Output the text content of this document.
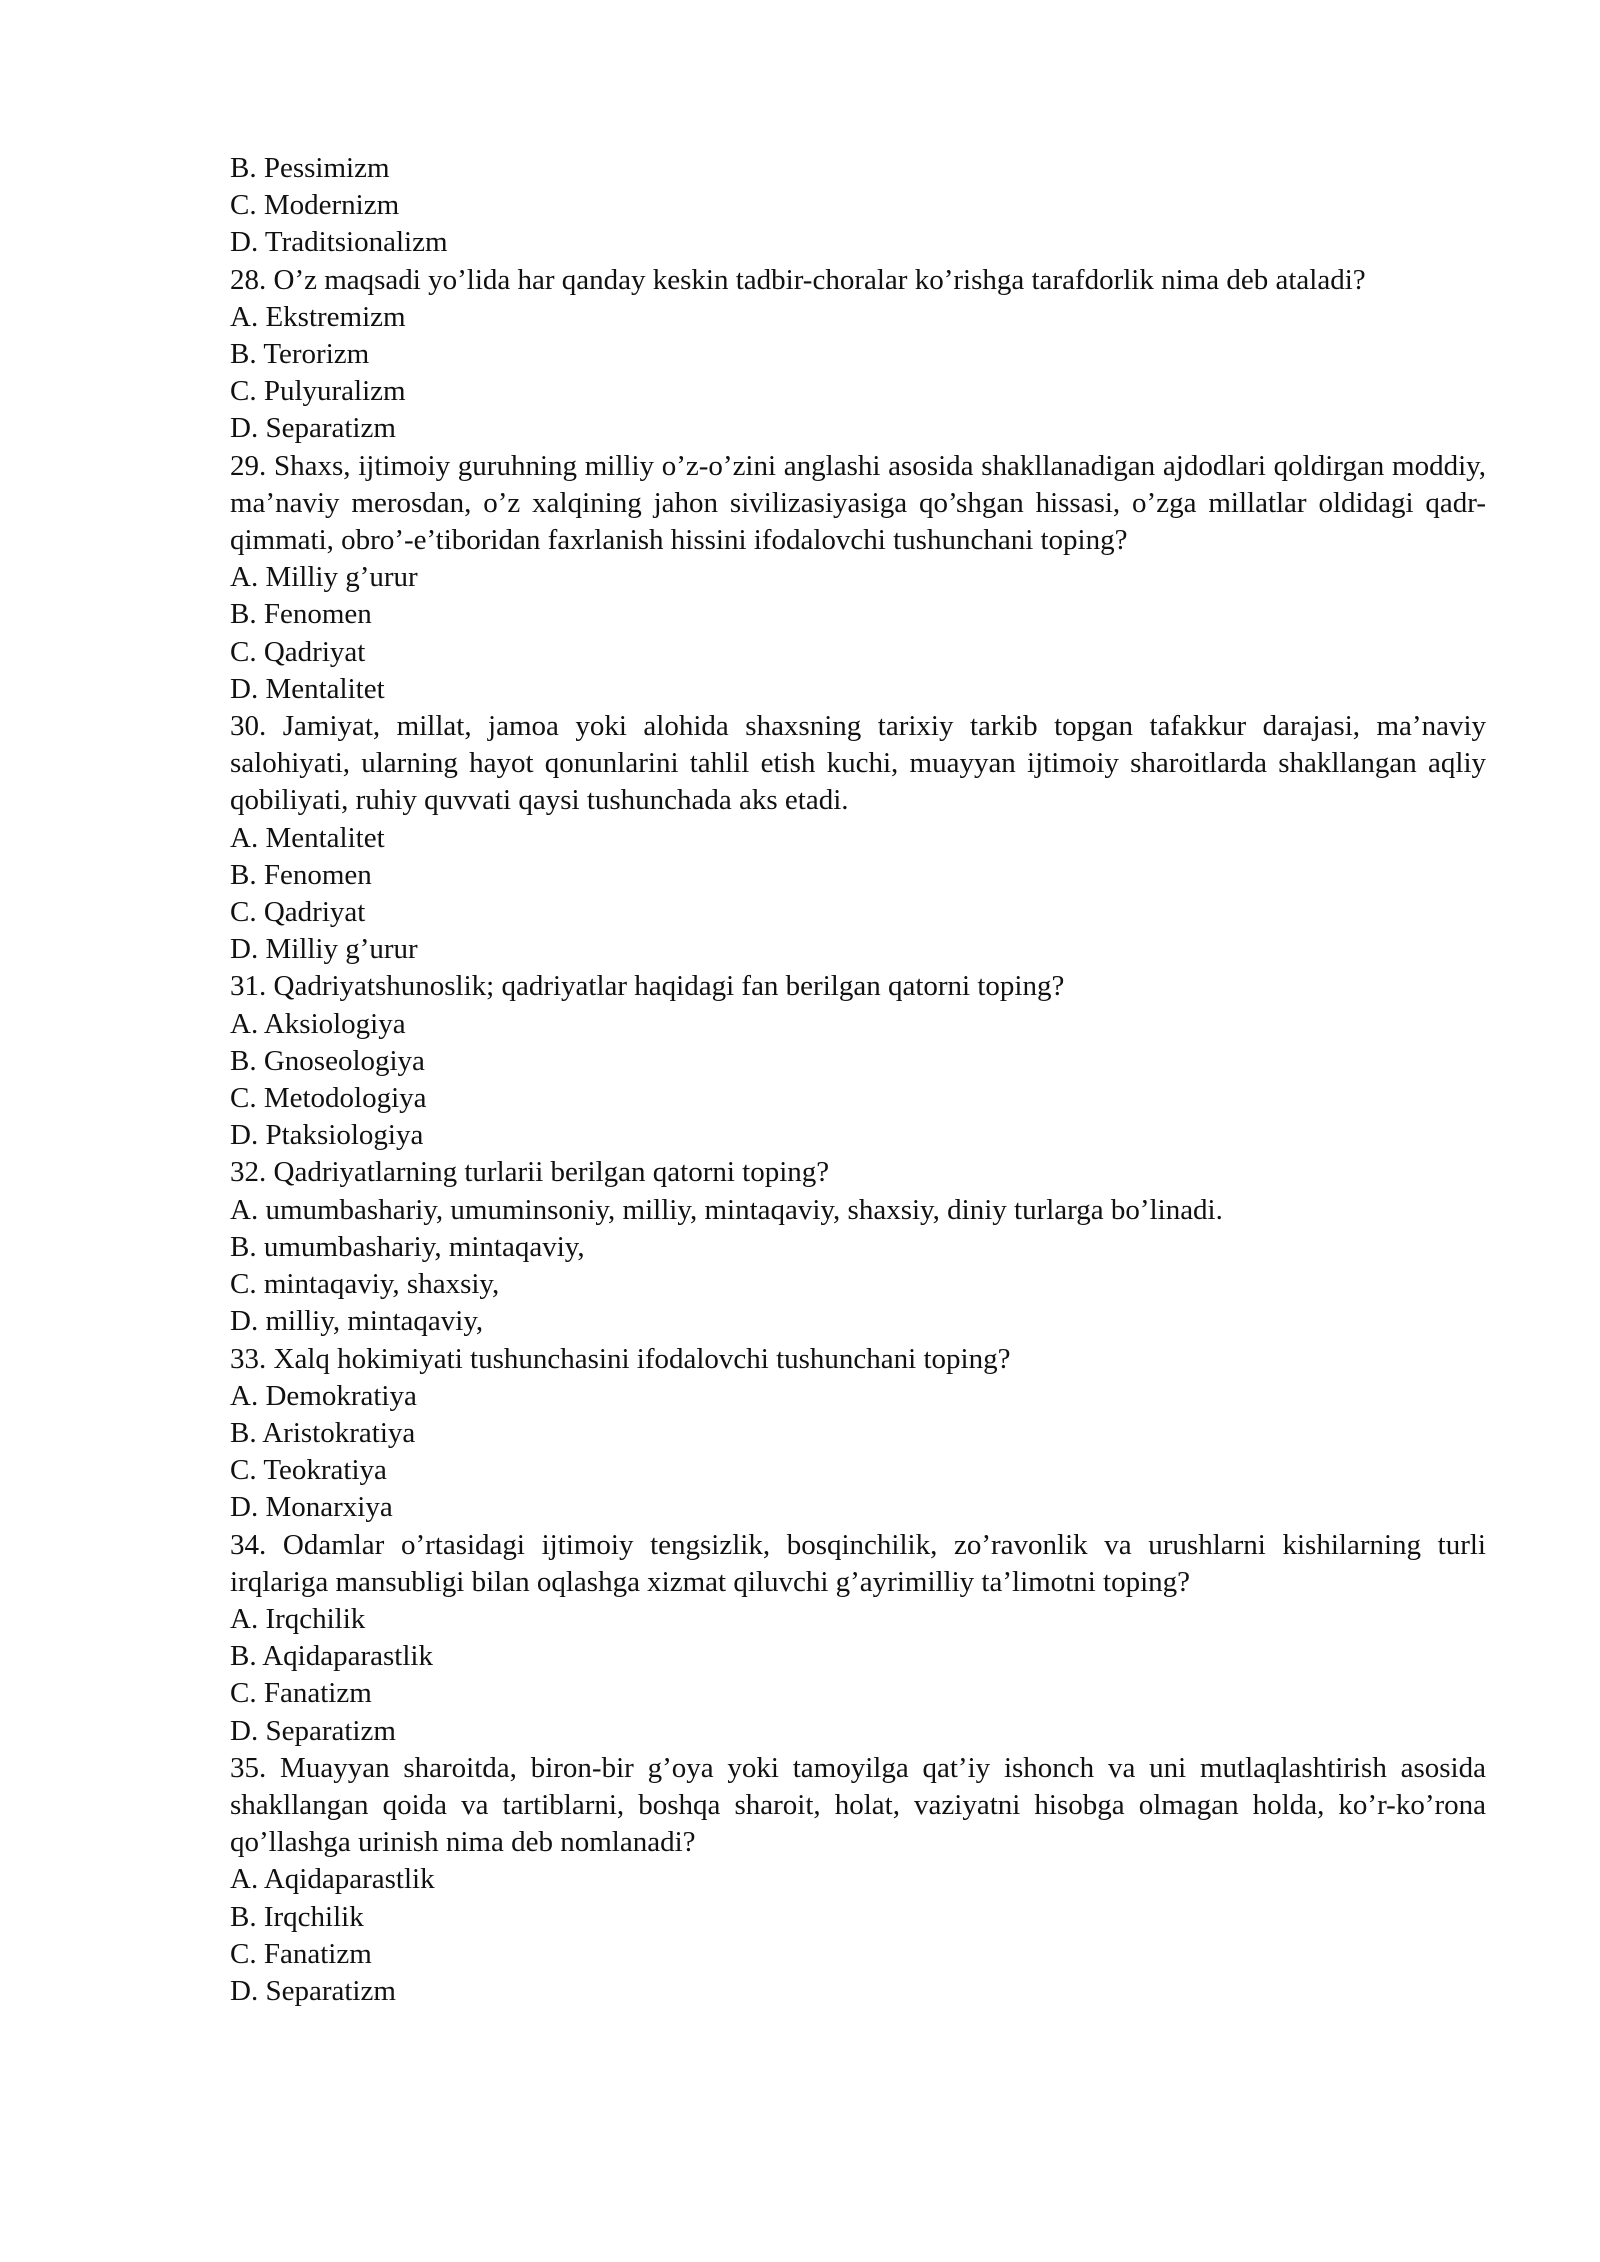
B. Pessimizm

C. Modernizm

D. Traditsionalizm

28. O’z maqsadi yo’lida har qanday keskin tadbir-choralar ko’rishga tarafdorlik nima deb ataladi?

A. Ekstremizm

B. Terorizm

C. Pulyuralizm

D. Separatizm

29. Shaxs, ijtimoiy guruhning milliy o’z-o’zini anglashi asosida shakllanadigan ajdodlari qoldirgan moddiy, ma’naviy merosdan, o’z xalqining jahon sivilizasiyasiga qo’shgan hissasi, o’zga millatlar oldidagi qadr-qimmati, obro’-e’tiboridan faxrlanish hissini ifodalovchi tushunchani toping?

A. Milliy g’urur

B. Fenomen

C. Qadriyat

D. Mentalitet

30. Jamiyat, millat, jamoa yoki alohida shaxsning tarixiy tarkib topgan tafakkur darajasi, ma’naviy salohiyati, ularning hayot qonunlarini tahlil etish kuchi, muayyan ijtimoiy sharoitlarda shakllangan aqliy qobiliyati, ruhiy quvvati qaysi tushunchada aks etadi.

A. Mentalitet

B. Fenomen

C. Qadriyat

D. Milliy g’urur

31. Qadriyatshunoslik; qadriyatlar haqidagi fan berilgan qatorni toping?

A. Aksiologiya

B. Gnoseologiya

C. Metodologiya

D. Ptaksiologiya

32. Qadriyatlarning turlarii berilgan qatorni toping?

A. umumbashariy, umuminsoniy, milliy, mintaqaviy, shaxsiy, diniy turlarga bo’linadi.

B. umumbashariy, mintaqaviy,

C. mintaqaviy, shaxsiy,

D. milliy, mintaqaviy,

33. Xalq hokimiyati tushunchasini ifodalovchi tushunchani toping?

A. Demokratiya

B. Aristokratiya

C. Teokratiya

D. Monarxiya

34. Odamlar o’rtasidagi ijtimoiy tengsizlik, bosqinchilik, zo’ravonlik va urushlarni kishilarning turli irqlariga mansubligi bilan oqlashga xizmat qiluvchi g’ayrimilliy ta’limotni toping?

A. Irqchilik

B. Aqidaparastlik

C. Fanatizm

D. Separatizm

35. Muayyan sharoitda, biron-bir g’oya yoki tamoyilga qat’iy ishonch va uni mutlaqlashtirish asosida shakllangan qoida va tartiblarni, boshqa sharoit, holat, vaziyatni hisobga olmagan holda, ko’r-ko’rona qo’llashga urinish nima deb nomlanadi?

A. Aqidaparastlik

B. Irqchilik

C. Fanatizm

D. Separatizm
